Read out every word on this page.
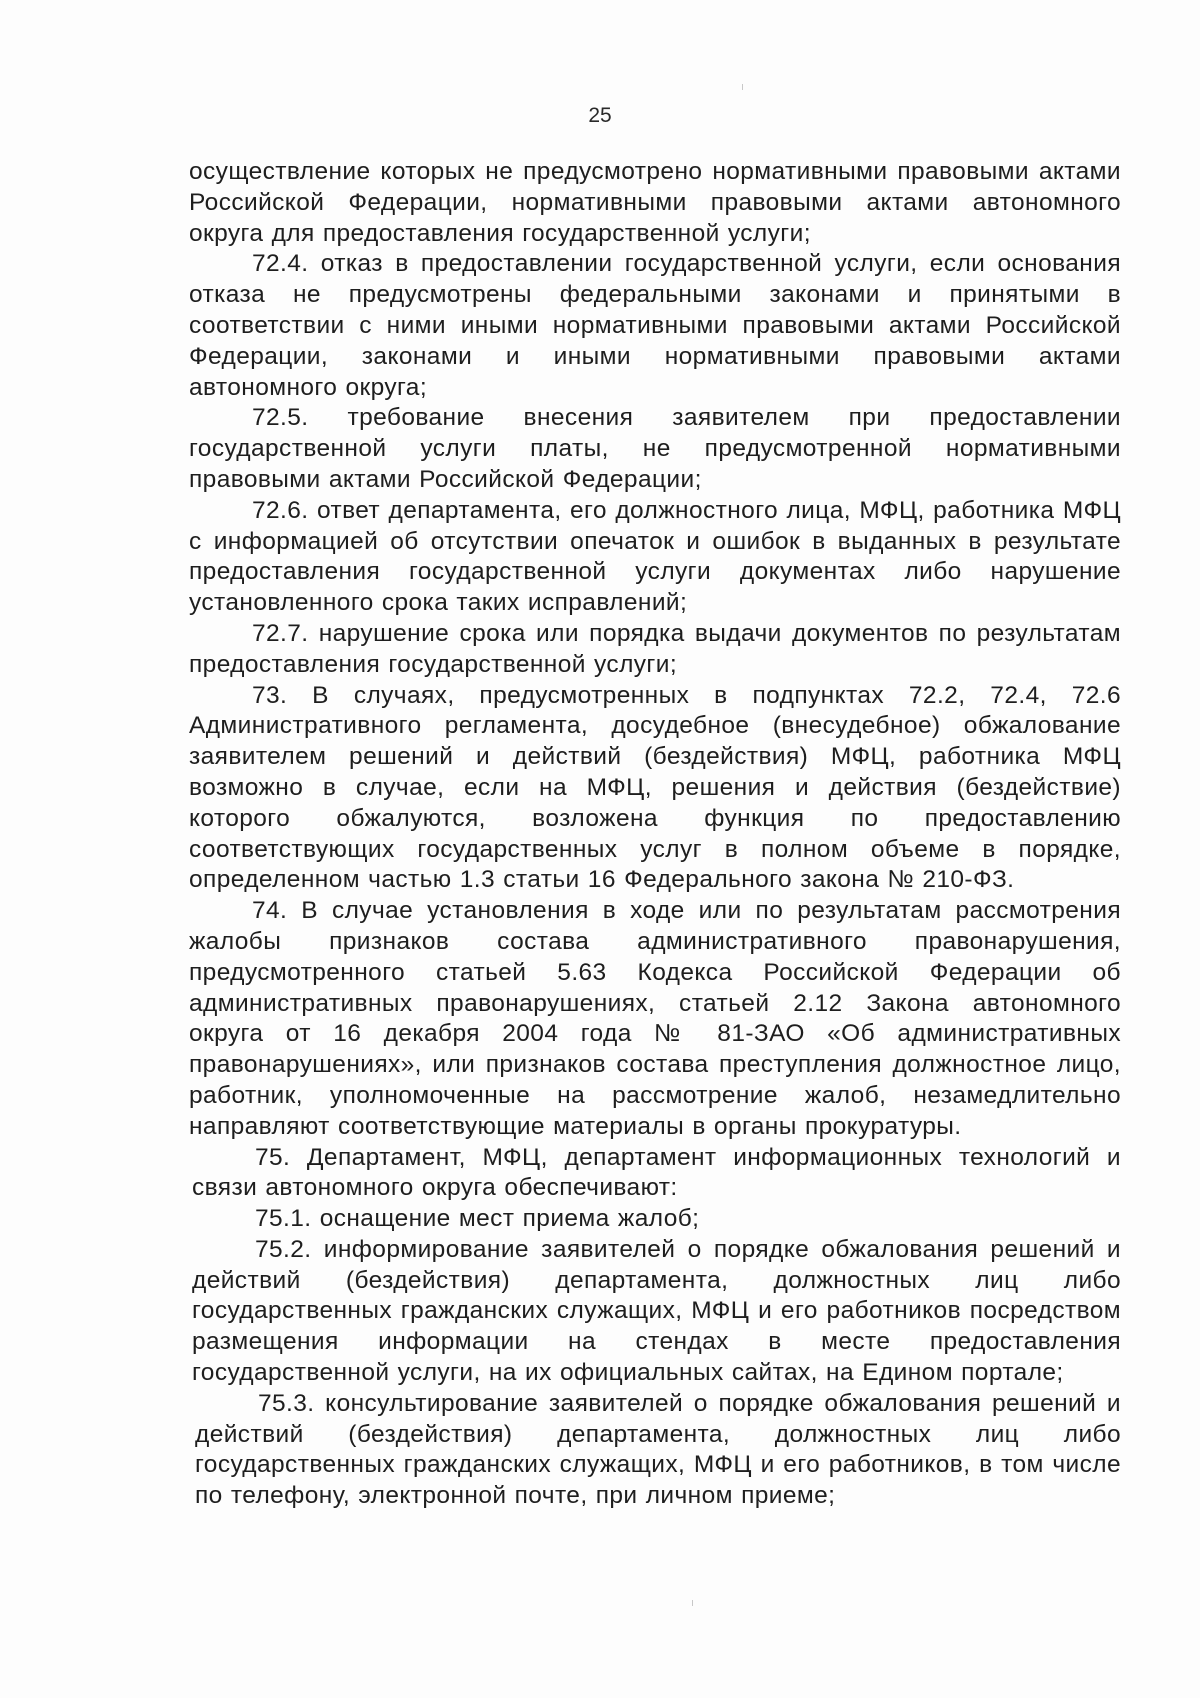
25

осуществление которых не предусмотрено нормативными правовыми актами Российской Федерации, нормативными правовыми актами автономного округа для предоставления государственной услуги;

72.4. отказ в предоставлении государственной услуги, если основания отказа не предусмотрены федеральными законами и принятыми в соответствии с ними иными нормативными правовыми актами Российской Федерации, законами и иными нормативными правовыми актами автономного округа;

72.5. требование внесения заявителем при предоставлении государственной услуги платы, не предусмотренной нормативными правовыми актами Российской Федерации;

72.6. ответ департамента, его должностного лица, МФЦ, работника МФЦ с информацией об отсутствии опечаток и ошибок в выданных в результате предоставления государственной услуги документах либо нарушение установленного срока таких исправлений;

72.7. нарушение срока или порядка выдачи документов по результатам предоставления государственной услуги;

73. В случаях, предусмотренных в подпунктах 72.2, 72.4, 72.6 Административного регламента, досудебное (внесудебное) обжалование заявителем решений и действий (бездействия) МФЦ, работника МФЦ возможно в случае, если на МФЦ, решения и действия (бездействие) которого обжалуются, возложена функция по предоставлению соответствующих государственных услуг в полном объеме в порядке, определенном частью 1.3 статьи 16 Федерального закона № 210-ФЗ.

74. В случае установления в ходе или по результатам рассмотрения жалобы признаков состава административного правонарушения, предусмотренного статьей 5.63 Кодекса Российской Федерации об административных правонарушениях, статьей 2.12 Закона автономного округа от 16 декабря 2004 года № 81-ЗАО «Об административных правонарушениях», или признаков состава преступления должностное лицо, работник, уполномоченные на рассмотрение жалоб, незамедлительно направляют соответствующие материалы в органы прокуратуры.

75. Департамент, МФЦ, департамент информационных технологий и связи автономного округа обеспечивают:

75.1. оснащение мест приема жалоб;

75.2. информирование заявителей о порядке обжалования решений и действий (бездействия) департамента, должностных лиц либо государственных гражданских служащих, МФЦ и его работников посредством размещения информации на стендах в месте предоставления государственной услуги, на их официальных сайтах, на Едином портале;

75.3. консультирование заявителей о порядке обжалования решений и действий (бездействия) департамента, должностных лиц либо государственных гражданских служащих, МФЦ и его работников, в том числе по телефону, электронной почте, при личном приеме;
